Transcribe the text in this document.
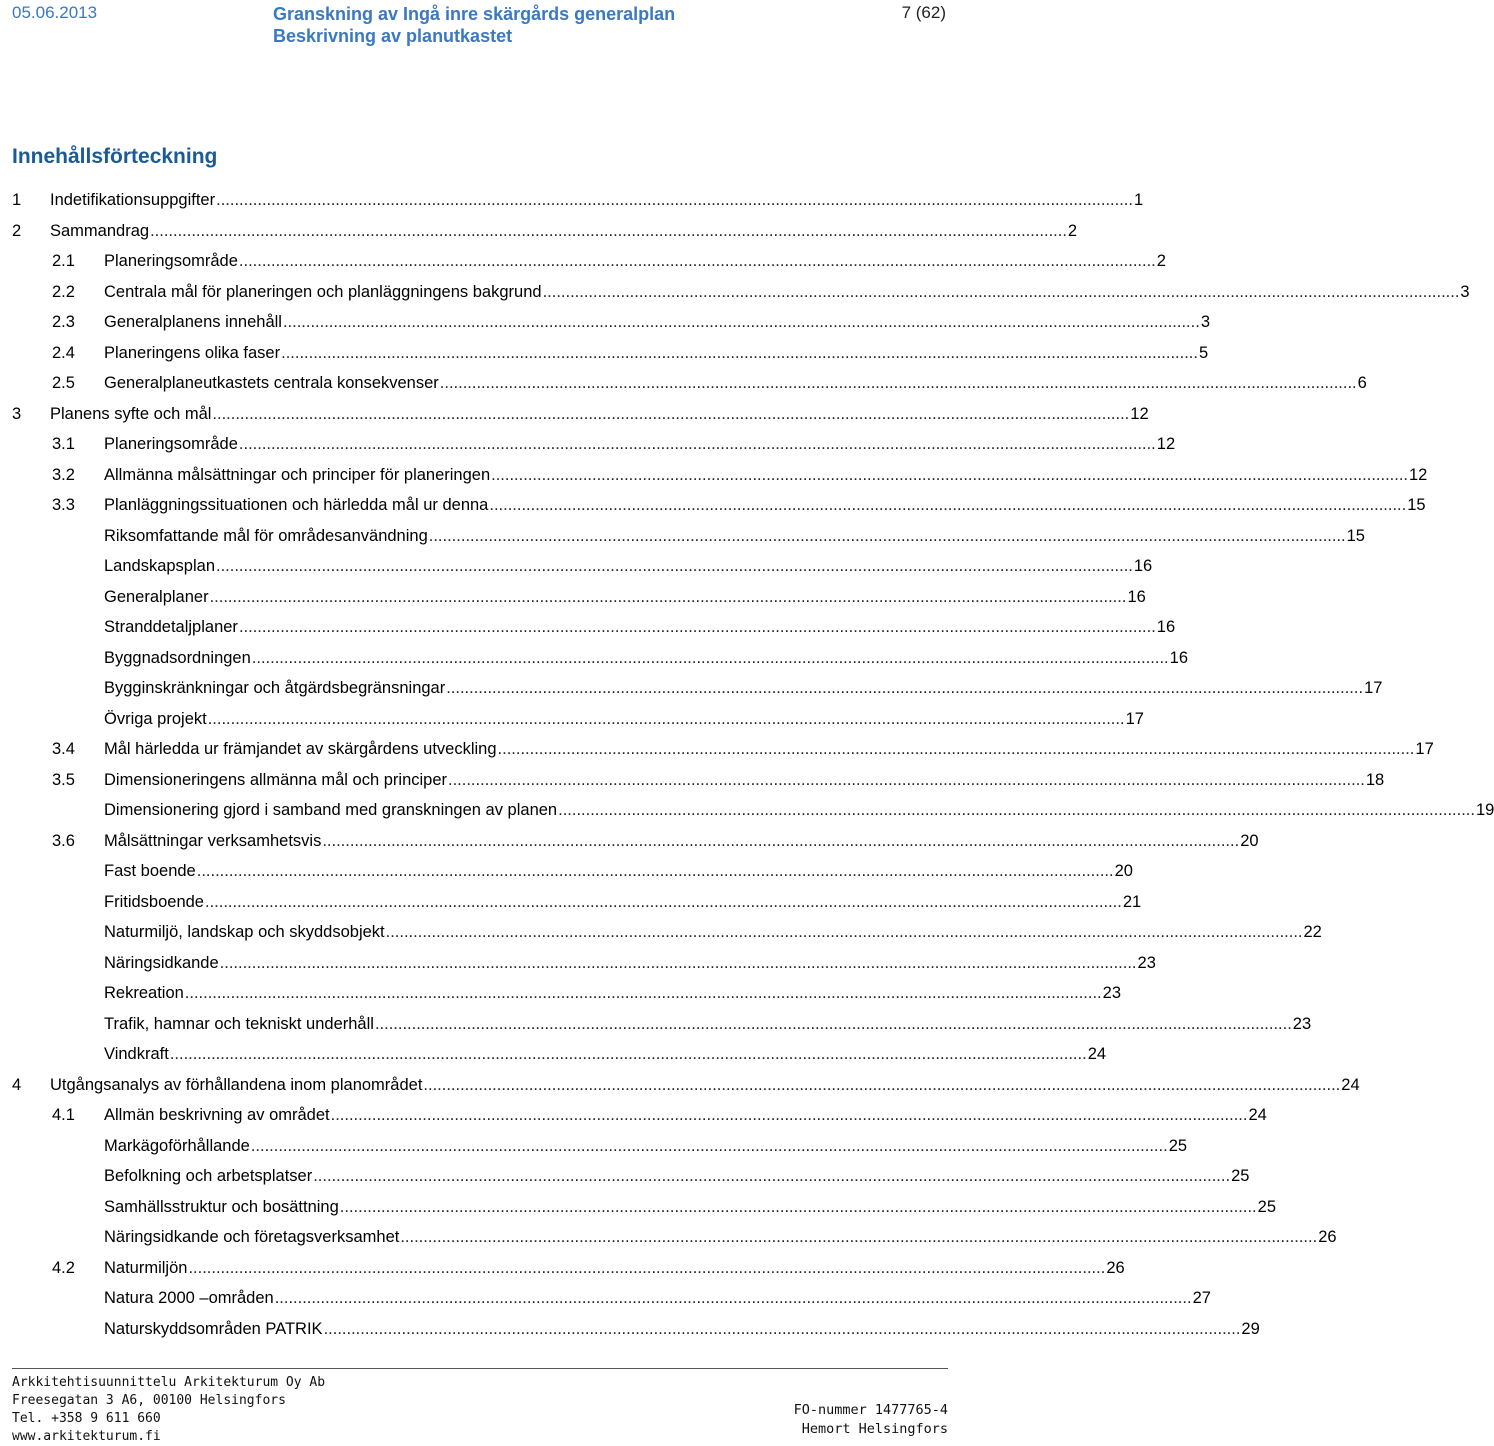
05.06.2013	Granskning av Ingå inre skärgårds generalplan
Beskrivning av planutkastet
7 (62)
Innehållsförteckning
1 Indetifikationsuppgifter ........................................................................................................................................................................................................ 1
2 Sammandrag ........................................................................................................................................................................................................ 2
2.1 Planeringsområde ........................................................................................................................................................................................................ 2
2.2 Centrala mål för planeringen och planläggningens bakgrund ........................................................................................................................................................................................................ 3
2.3 Generalplanens innehåll ........................................................................................................................................................................................................ 3
2.4 Planeringens olika faser ........................................................................................................................................................................................................ 5
2.5 Generalplaneutkastets centrala konsekvenser ........................................................................................................................................................................................................ 6
3 Planens syfte och mål ........................................................................................................................................................................................................ 12
3.1 Planeringsområde ........................................................................................................................................................................................................ 12
3.2 Allmänna målsättningar och principer för planeringen ........................................................................................................................................................................................................ 12
3.3 Planläggningssituationen och härledda mål ur denna ........................................................................................................................................................................................................ 15
Riksomfattande mål för områdesanvändning ........................................................................................................................................................................................................ 15
Landskapsplan ........................................................................................................................................................................................................ 16
Generalplaner ........................................................................................................................................................................................................ 16
Stranddetaljplaner ........................................................................................................................................................................................................ 16
Byggnadsordningen ........................................................................................................................................................................................................ 16
Bygginskränkningar och åtgärdsbegränsningar ........................................................................................................................................................................................................ 17
Övriga projekt ........................................................................................................................................................................................................ 17
3.4 Mål härledda ur främjandet av skärgårdens utveckling ........................................................................................................................................................................................................ 17
3.5 Dimensioneringens allmänna mål och principer ........................................................................................................................................................................................................ 18
Dimensionering gjord i samband med granskningen av planen ........................................................................................................................................................................................................ 19
3.6 Målsättningar verksamhetsvis ........................................................................................................................................................................................................ 20
Fast boende ........................................................................................................................................................................................................ 20
Fritidsboende ........................................................................................................................................................................................................ 21
Naturmiljö, landskap och skyddsobjekt ........................................................................................................................................................................................................ 22
Näringsidkande ........................................................................................................................................................................................................ 23
Rekreation ........................................................................................................................................................................................................ 23
Trafik, hamnar och tekniskt underhåll ........................................................................................................................................................................................................ 23
Vindkraft ........................................................................................................................................................................................................ 24
4 Utgångsanalys av förhållandena inom planområdet ........................................................................................................................................................................................................ 24
4.1 Allmän beskrivning av området ........................................................................................................................................................................................................ 24
Markägoförhållande ........................................................................................................................................................................................................ 25
Befolkning och arbetsplatser ........................................................................................................................................................................................................ 25
Samhällsstruktur och bosättning ........................................................................................................................................................................................................ 25
Näringsidkande och företagsverksamhet ........................................................................................................................................................................................................ 26
4.2 Naturmiljön ........................................................................................................................................................................................................ 26
Natura 2000 –områden ........................................................................................................................................................................................................ 27
Naturskyddsområden PATRIK ........................................................................................................................................................................................................ 29
Arkkitehtisuunnittelu Arkitekturum Oy Ab
Freesegatan 3 A6, 00100 Helsingfors
Tel. +358 9 611 660
www.arkitekturum.fi
FO-nummer 1477765-4
Hemort Helsingfors
